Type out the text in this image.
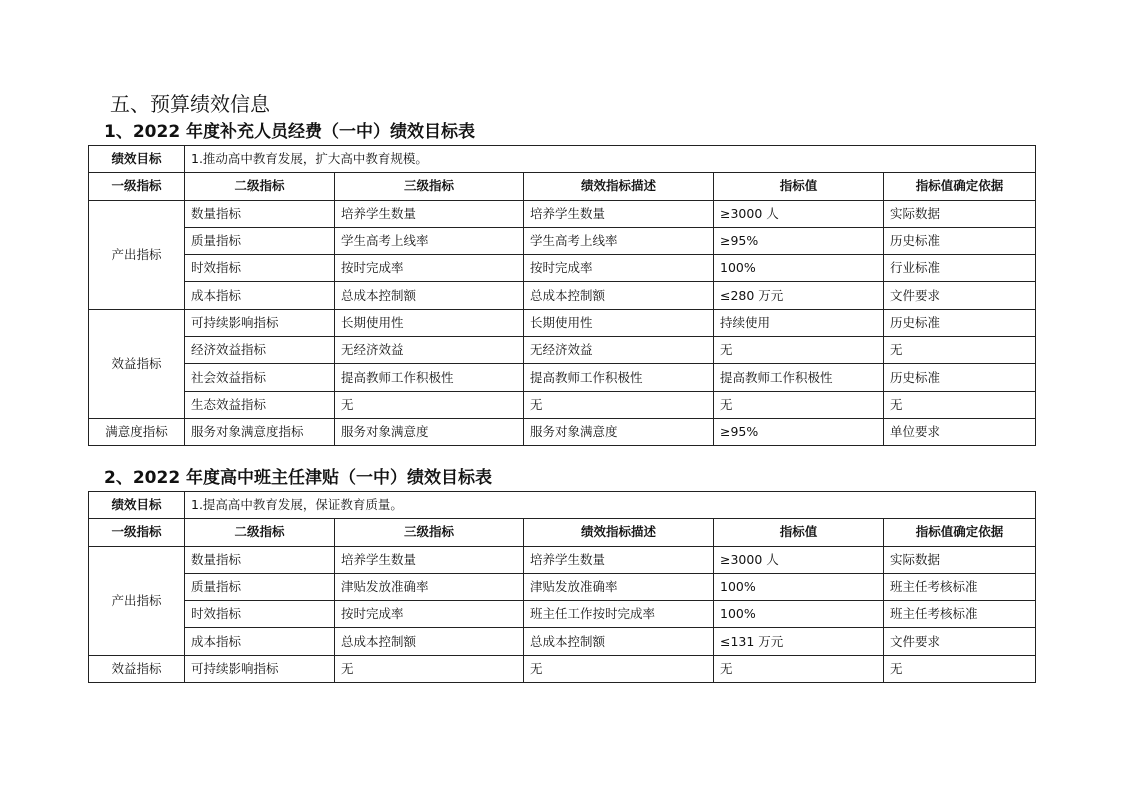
五、预算绩效信息
1、2022 年度补充人员经费（一中）绩效目标表
绩效目标	1.推动高中教育发展，扩大高中教育规模。				
一级指标	二级指标	三级指标	绩效指标描述	指标值	指标值确定依据
产出指标	数量指标	培养学生数量	培养学生数量	≥3000 人	实际数据
	质量指标	学生高考上线率	学生高考上线率	≥95%	历史标准
	时效指标	按时完成率	按时完成率	100%	行业标准
	成本指标	总成本控制额	总成本控制额	≤280 万元	文件要求
效益指标	可持续影响指标	长期使用性	长期使用性	持续使用	历史标准
	经济效益指标	无经济效益	无经济效益	无	无
	社会效益指标	提高教师工作积极性	提高教师工作积极性	提高教师工作积极性	历史标准
	生态效益指标	无	无	无	无
满意度指标	服务对象满意度指标	服务对象满意度	服务对象满意度	≥95%	单位要求
2、2022 年度高中班主任津贴（一中）绩效目标表
绩效目标	1.提高高中教育发展，保证教育质量。				
一级指标	二级指标	三级指标	绩效指标描述	指标值	指标值确定依据
产出指标	数量指标	培养学生数量	培养学生数量	≥3000 人	实际数据
	质量指标	津贴发放准确率	津贴发放准确率	100%	班主任考核标准
	时效指标	按时完成率	班主任工作按时完成率	100%	班主任考核标准
	成本指标	总成本控制额	总成本控制额	≤131 万元	文件要求
效益指标	可持续影响指标	无	无	无	无
